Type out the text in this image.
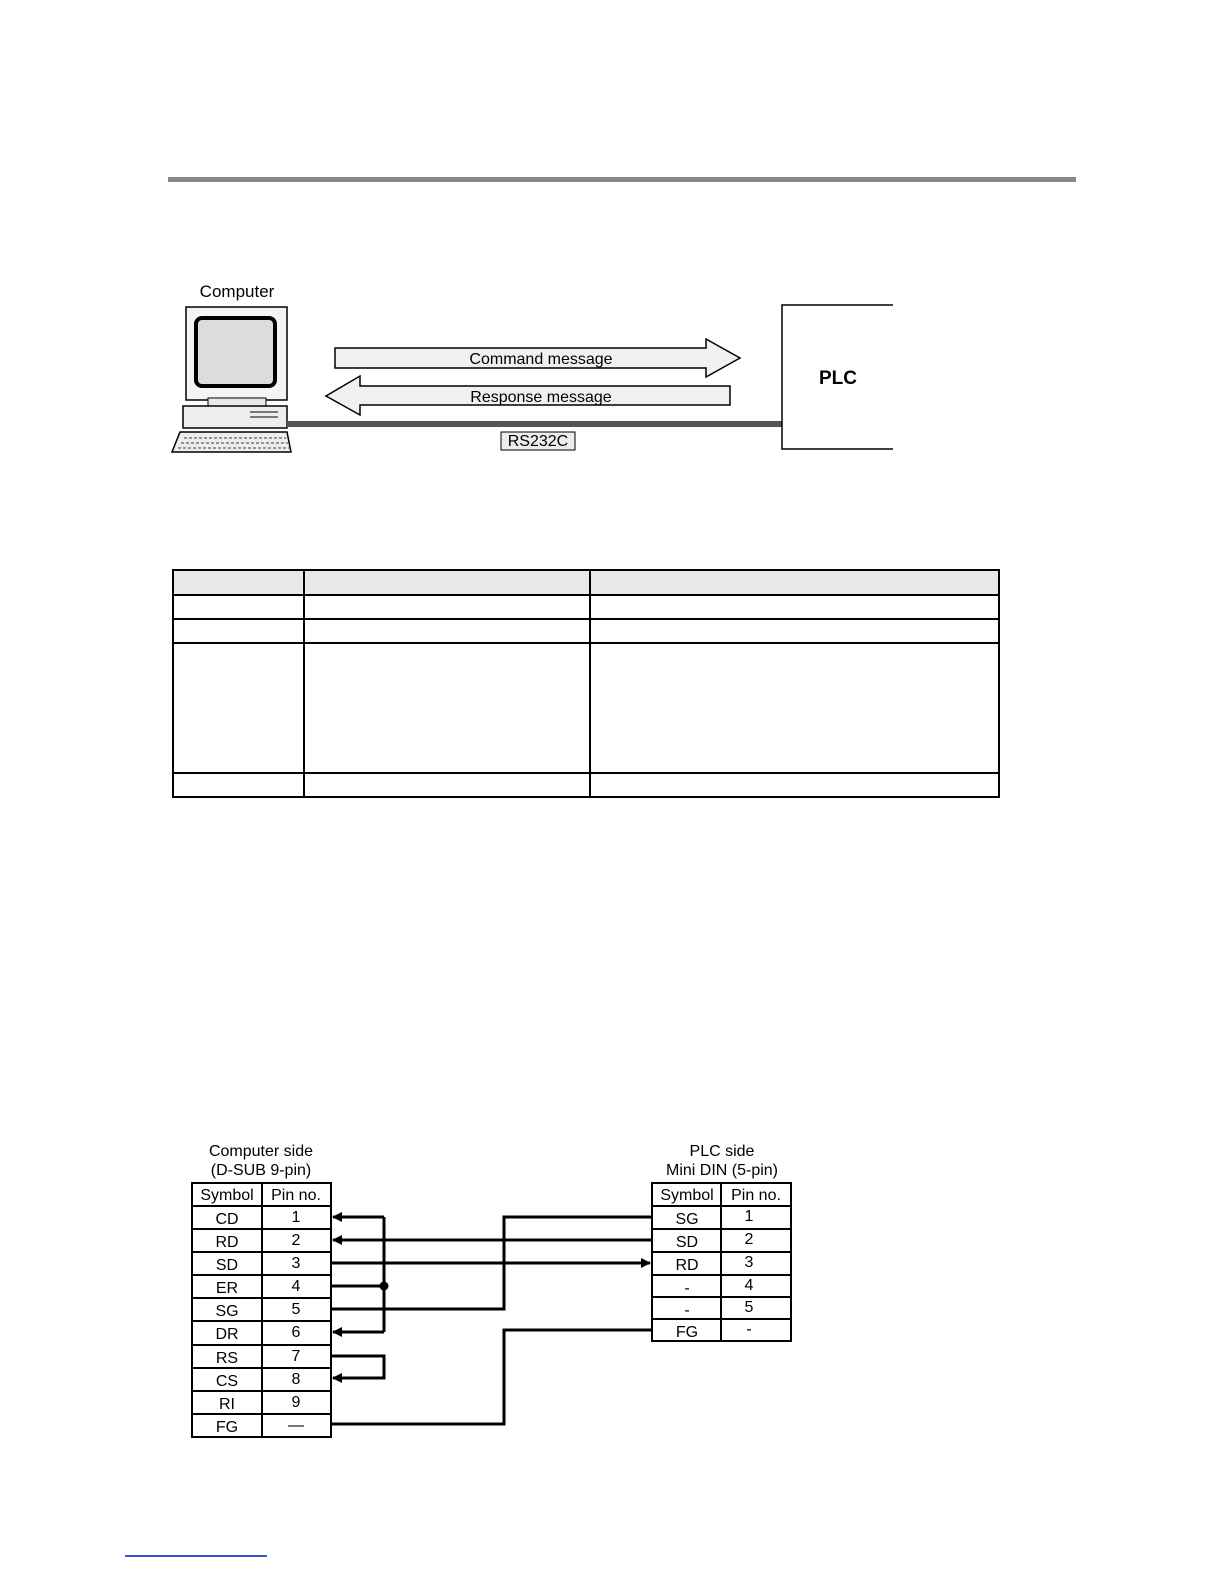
Computer
Command message
Response message
RS232C
PLC

Computer side
(D-SUB 9-pin)
PLC side
Mini DIN (5-pin)
Symbol Pin no.
CD	1
RD	2
SD	3
ER	4
SG	5
DR	6
RS	7
CS	8
RI	9
FG	—
Symbol Pin no.
SG	1
SD	2
RD	3
-	4
-	5
FG	-
